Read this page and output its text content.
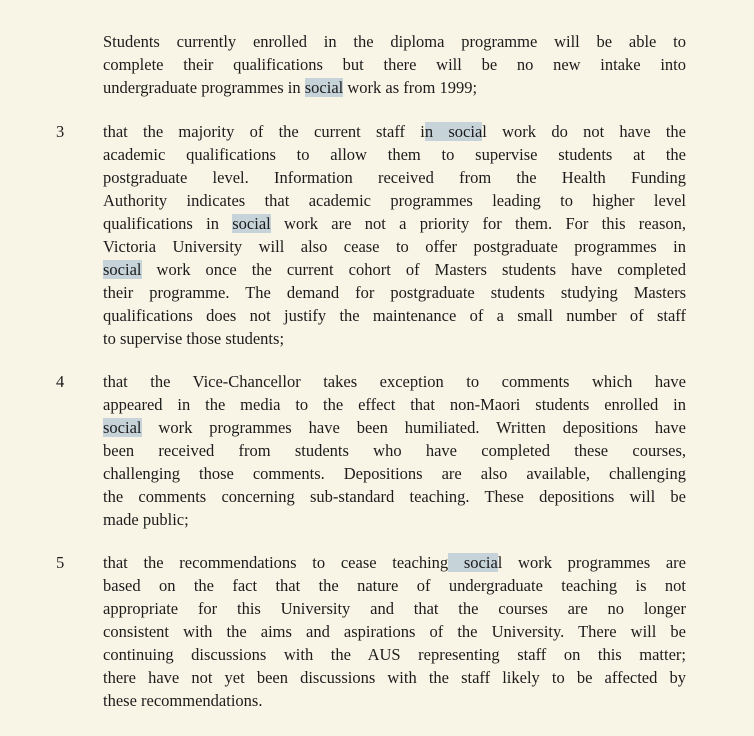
Students currently enrolled in the diploma programme will be able to
complete their qualifications but there will be no new intake into
undergraduate programmes in social work as from 1999;
3 that the majority of the current staff in social work do not have the
academic qualifications to allow them to supervise students at the
postgraduate level. Information received from the Health Funding
Authority indicates that academic programmes leading to higher level
qualifications in social work are not a priority for them. For this reason,
Victoria University will also cease to offer postgraduate programmes in
social work once the current cohort of Masters students have completed
their programme. The demand for postgraduate students studying Masters
qualifications does not justify the maintenance of a small number of staff
to supervise those students;
4 that the Vice-Chancellor takes exception to comments which have
appeared in the media to the effect that non-Maori students enrolled in
social work programmes have been humiliated. Written depositions have
been received from students who have completed these courses,
challenging those comments. Depositions are also available, challenging
the comments concerning sub-standard teaching. These depositions will be
made public;
5 that the recommendations to cease teaching social work programmes are
based on the fact that the nature of undergraduate teaching is not
appropriate for this University and that the courses are no longer
consistent with the aims and aspirations of the University. There will be
continuing discussions with the AUS representing staff on this matter;
there have not yet been discussions with the staff likely to be affected by
these recommendations.
